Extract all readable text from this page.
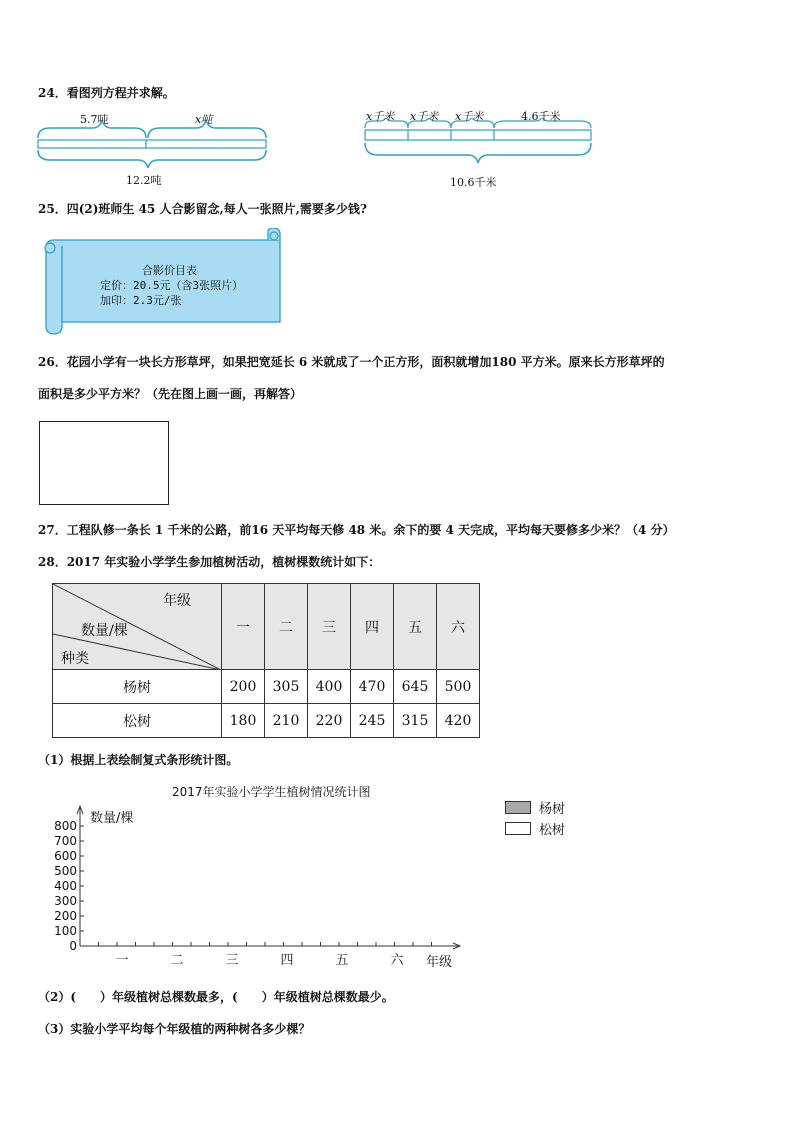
24．看图列方程并求解。
5.7吨	x吨
12.2吨
x千米 x千米 x千米	4.6千米
10.6千米
25．四(2)班师生 45 人合影留念,每人一张照片,需要多少钱?
合影价目表
定价：20.5元（含3张照片）
加印：2.3元/张
26．花园小学有一块长方形草坪，如果把宽延长 6 米就成了一个正方形，面积就增加180 平方米。原来长方形草坪的
面积是多少平方米？（先在图上画一画，再解答）
27．工程队修一条长 1 千米的公路，前16 天平均每天修 48 米。余下的要 4 天完成，平均每天要修多少米？（4 分）
28．2017 年实验小学学生参加植树活动，植树棵数统计如下：
年级
数量/棵
种类	一	二	三	四	五	六
杨树	200	305	400	470	645	500
松树	180	210	220	245	315	420
（1）根据上表绘制复式条形统计图。
2017年实验小学学生植树情况统计图
数量/棵
0
100
200
300
400
500
600
700
800
一	二	三	四	五	六 年级
杨树
松树
（2）(　　）年级植树总棵数最多，(　　）年级植树总棵数最少。
（3）实验小学平均每个年级植的两种树各多少棵？
